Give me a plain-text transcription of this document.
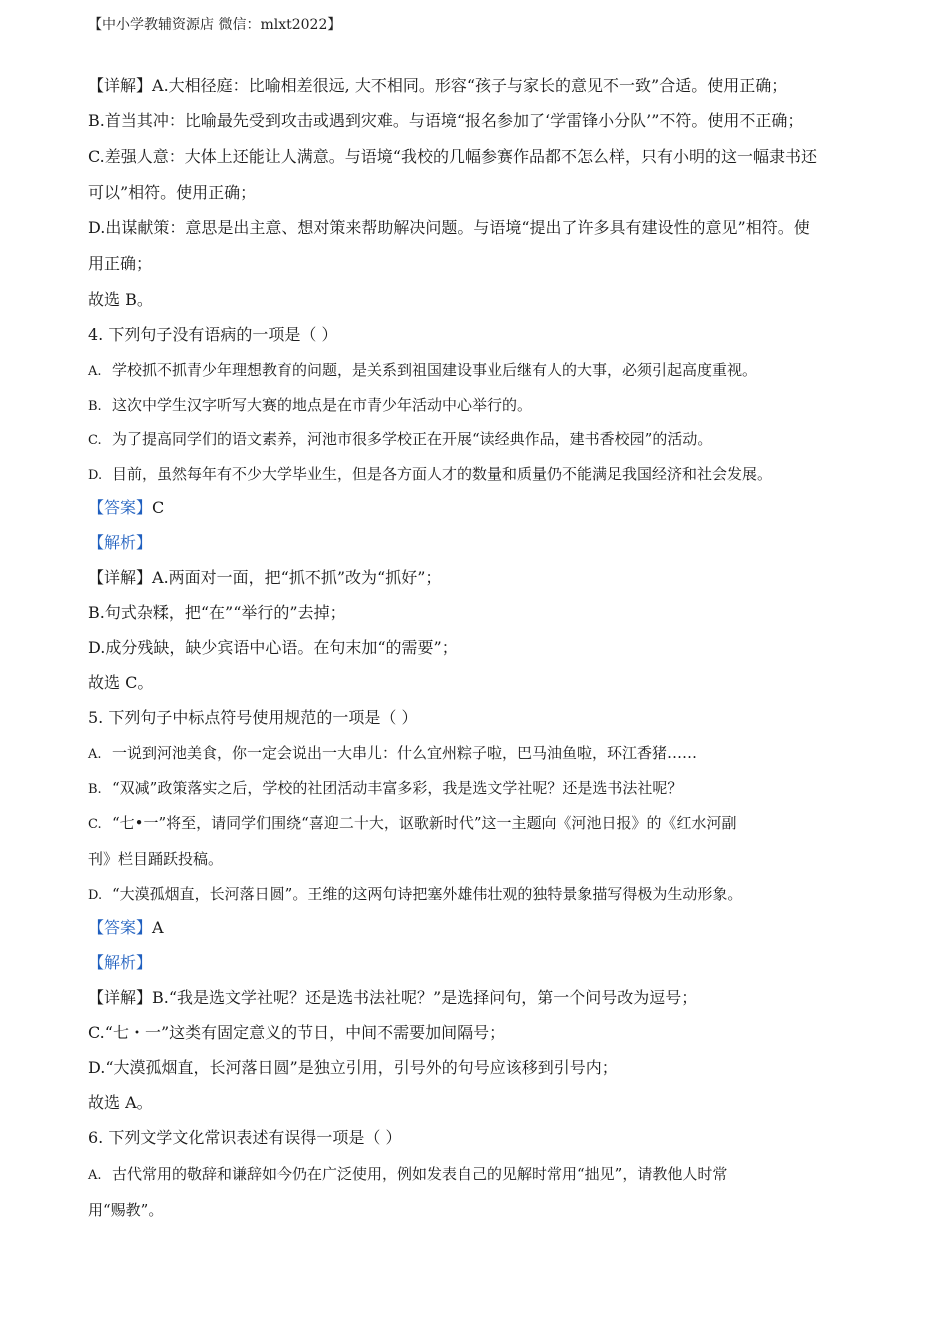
【中小学教辅资源店 微信：mlxt2022】
【详解】A.大相径庭：比喻相差很远, 大不相同。形容“孩子与家长的意见不一致”合适。使用正确；
B.首当其冲：比喻最先受到攻击或遇到灾难。与语境“报名参加了‘学雷锋小分队’”不符。使用不正确；
C.差强人意：大体上还能让人满意。与语境“我校的几幅参赛作品都不怎么样，只有小明的这一幅隶书还
可以”相符。使用正确；
D.出谋献策：意思是出主意、想对策来帮助解决问题。与语境“提出了许多具有建设性的意见”相符。使
用正确；
故选 B。
4. 下列句子没有语病的一项是（ ）
A. 学校抓不抓青少年理想教育的问题，是关系到祖国建设事业后继有人的大事，必须引起高度重视。
B. 这次中学生汉字听写大赛的地点是在市青少年活动中心举行的。
C. 为了提高同学们的语文素养，河池市很多学校正在开展“读经典作品，建书香校园”的活动。
D. 目前，虽然每年有不少大学毕业生，但是各方面人才的数量和质量仍不能满足我国经济和社会发展。
【答案】C
【解析】
【详解】A.两面对一面，把“抓不抓”改为“抓好”；
B.句式杂糅，把“在”“举行的”去掉；
D.成分残缺，缺少宾语中心语。在句末加“的需要”；
故选 C。
5. 下列句子中标点符号使用规范的一项是（ ）
A. 一说到河池美食，你一定会说出一大串儿：什么宜州粽子啦，巴马油鱼啦，环江香猪……
B. “双减”政策落实之后，学校的社团活动丰富多彩，我是选文学社呢？还是选书法社呢？
C. “七•一”将至，请同学们围绕“喜迎二十大，讴歌新时代”这一主题向《河池日报》的《红水河副
刊》栏目踊跃投稿。
D. “大漠孤烟直，长河落日圆”。王维的这两句诗把塞外雄伟壮观的独特景象描写得极为生动形象。
【答案】A
【解析】
【详解】B.“我是选文学社呢？还是选书法社呢？”是选择问句，第一个问号改为逗号；
C.“七・一”这类有固定意义的节日，中间不需要加间隔号；
D.“大漠孤烟直，长河落日圆”是独立引用，引号外的句号应该移到引号内；
故选 A。
6. 下列文学文化常识表述有误得一项是（ ）
A. 古代常用的敬辞和谦辞如今仍在广泛使用，例如发表自己的见解时常用“拙见”，请教他人时常
用“赐教”。
